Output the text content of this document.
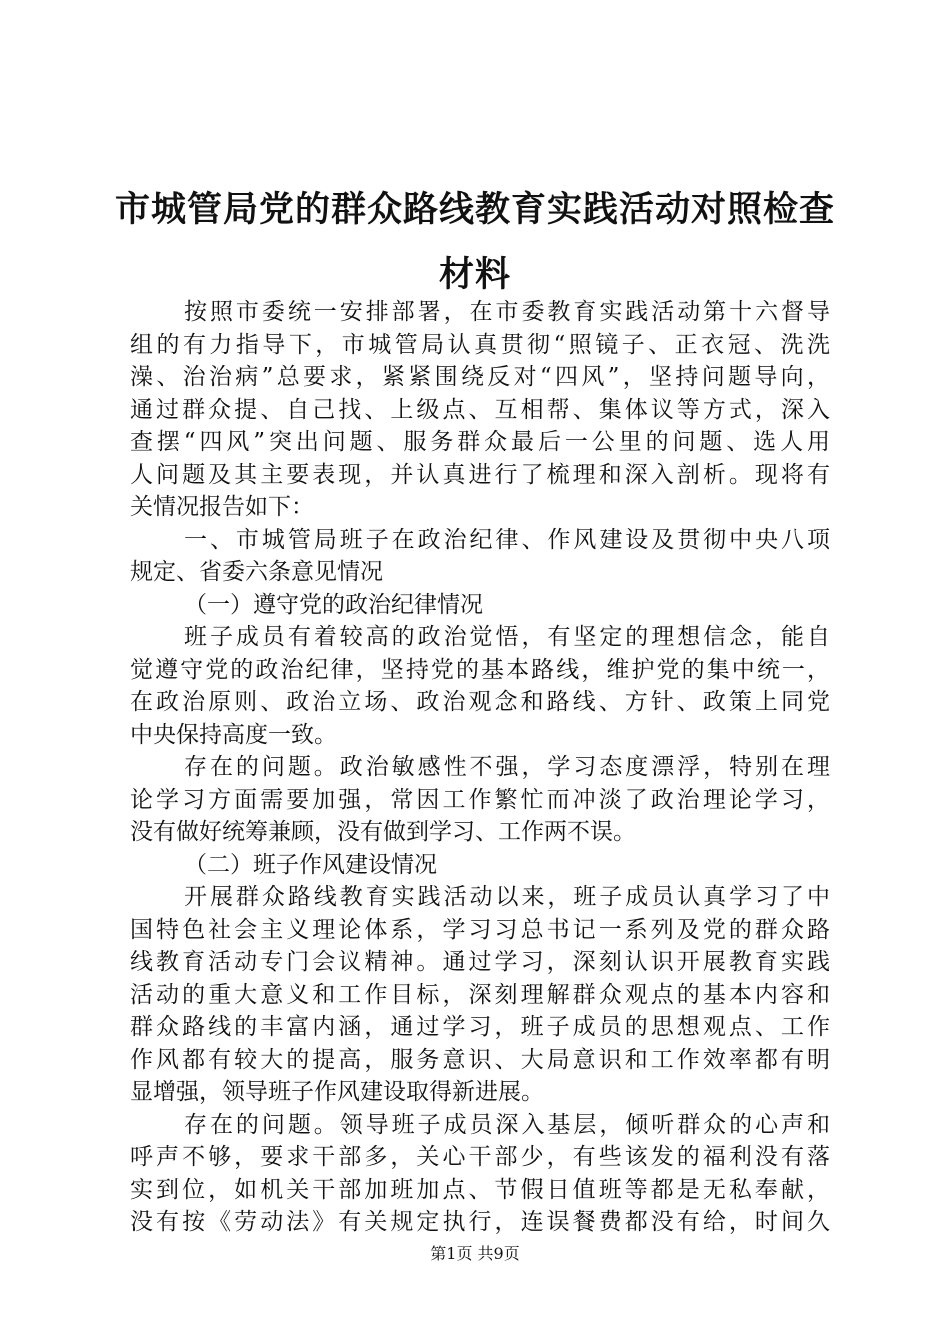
市城管局党的群众路线教育实践活动对照检查
材料
按照市委统一安排部署，在市委教育实践活动第十六督导
组的有力指导下，市城管局认真贯彻“照镜子、正衣冠、洗洗
澡、治治病”总要求，紧紧围绕反对“四风”，坚持问题导向，
通过群众提、自己找、上级点、互相帮、集体议等方式，深入
查摆“四风”突出问题、服务群众最后一公里的问题、选人用
人问题及其主要表现，并认真进行了梳理和深入剖析。现将有
关情况报告如下：
一、市城管局班子在政治纪律、作风建设及贯彻中央八项
规定、省委六条意见情况
（一）遵守党的政治纪律情况
班子成员有着较高的政治觉悟，有坚定的理想信念，能自
觉遵守党的政治纪律，坚持党的基本路线，维护党的集中统一，
在政治原则、政治立场、政治观念和路线、方针、政策上同党
中央保持高度一致。
存在的问题。政治敏感性不强，学习态度漂浮，特别在理
论学习方面需要加强，常因工作繁忙而冲淡了政治理论学习，
没有做好统筹兼顾，没有做到学习、工作两不误。
（二）班子作风建设情况
开展群众路线教育实践活动以来，班子成员认真学习了中
国特色社会主义理论体系，学习习总书记一系列及党的群众路
线教育活动专门会议精神。通过学习，深刻认识开展教育实践
活动的重大意义和工作目标，深刻理解群众观点的基本内容和
群众路线的丰富内涵，通过学习，班子成员的思想观点、工作
作风都有较大的提高，服务意识、大局意识和工作效率都有明
显增强，领导班子作风建设取得新进展。
存在的问题。领导班子成员深入基层，倾听群众的心声和
呼声不够，要求干部多，关心干部少，有些该发的福利没有落
实到位，如机关干部加班加点、节假日值班等都是无私奉献，
没有按《劳动法》有关规定执行，连误餐费都没有给，时间久
第1页 共9页
